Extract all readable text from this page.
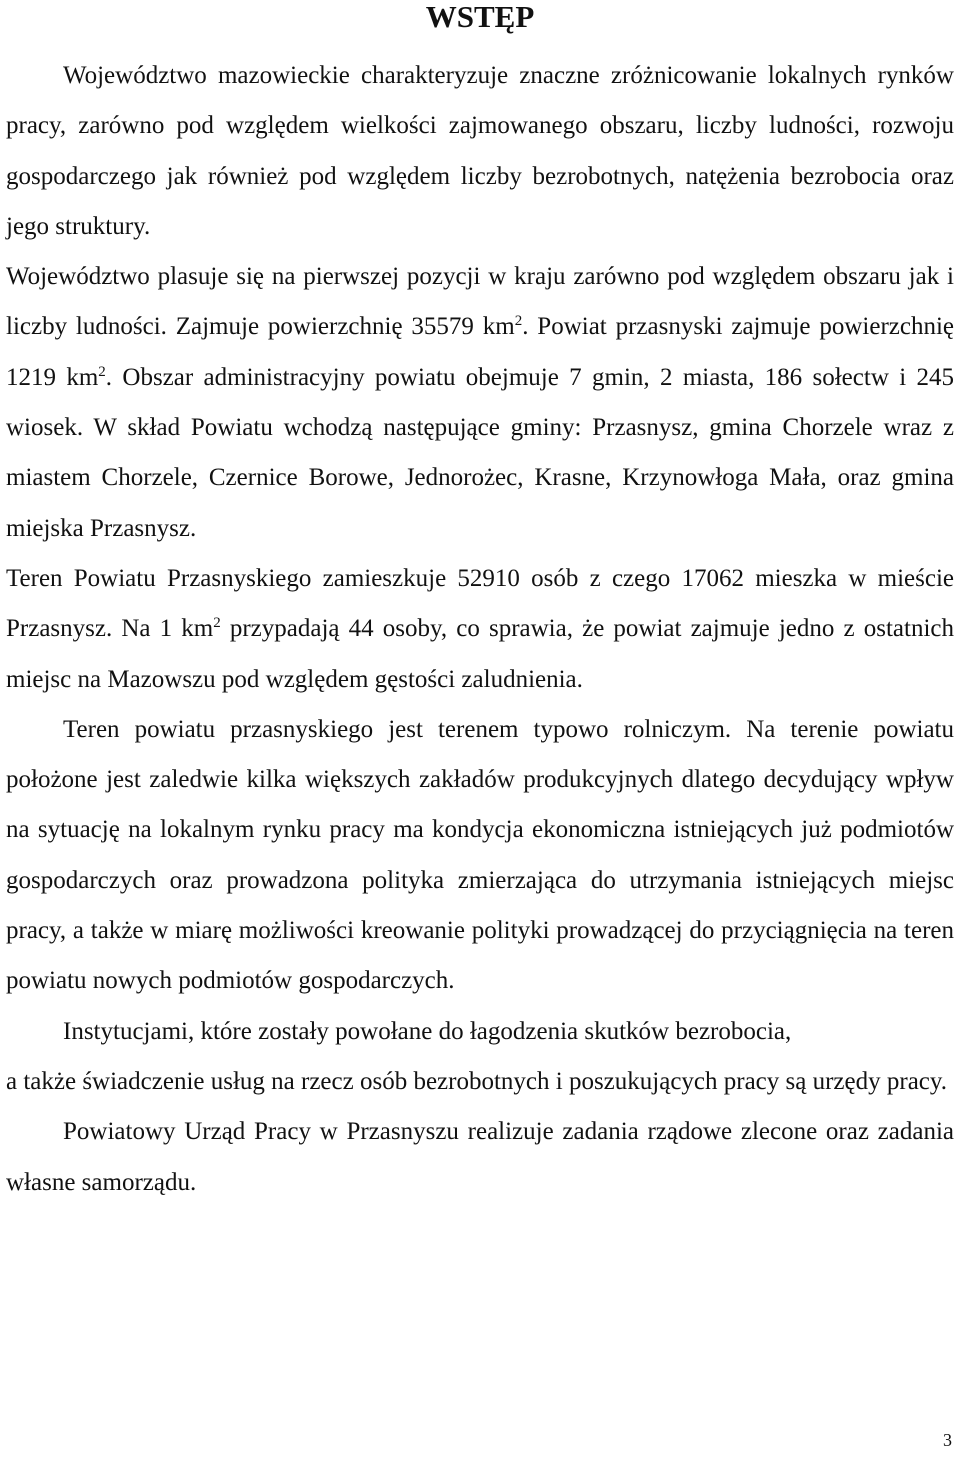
WSTĘP

Województwo mazowieckie charakteryzuje znaczne zróżnicowanie lokalnych rynków pracy, zarówno pod względem wielkości zajmowanego obszaru, liczby ludności, rozwoju gospodarczego jak również pod względem liczby bezrobotnych, natężenia bezrobocia oraz jego struktury.

Województwo plasuje się na pierwszej pozycji w kraju zarówno pod względem obszaru jak i liczby ludności. Zajmuje powierzchnię 35579 $km^2$. Powiat przasnyski zajmuje powierzchnię 1219 $km^2$. Obszar administracyjny powiatu obejmuje 7 gmin, 2 miasta, 186 sołectw i 245 wiosek. W skład Powiatu wchodzą następujące gminy: Przasnysz, gmina Chorzele wraz z miastem Chorzele, Czernice Borowe, Jednorożec, Krasne, Krzynowłoga Mała, oraz gmina miejska Przasnysz.

Teren Powiatu Przasnyskiego zamieszkuje 52910 osób z czego 17062 mieszka w mieście Przasnysz. Na 1 $km^2$ przypadają 44 osoby, co sprawia, że powiat zajmuje jedno z ostatnich miejsc na Mazowszu pod względem gęstości zaludnienia.

Teren powiatu przasnyskiego jest terenem typowo rolniczym. Na terenie powiatu położone jest zaledwie kilka większych zakładów produkcyjnych dlatego decydujący wpływ na sytuację na lokalnym rynku pracy ma kondycja ekonomiczna istniejących już podmiotów gospodarczych oraz prowadzona polityka zmierzająca do utrzymania istniejących miejsc pracy, a także w miarę możliwości kreowanie polityki prowadzącej do przyciągnięcia na teren powiatu nowych podmiotów gospodarczych.

Instytucjami, które zostały powołane do łagodzenia skutków bezrobocia,

a także świadczenie usług na rzecz osób bezrobotnych i poszukujących pracy są urzędy pracy.

Powiatowy Urząd Pracy w Przasnyszu realizuje zadania rządowe zlecone oraz zadania własne samorządu.

3
